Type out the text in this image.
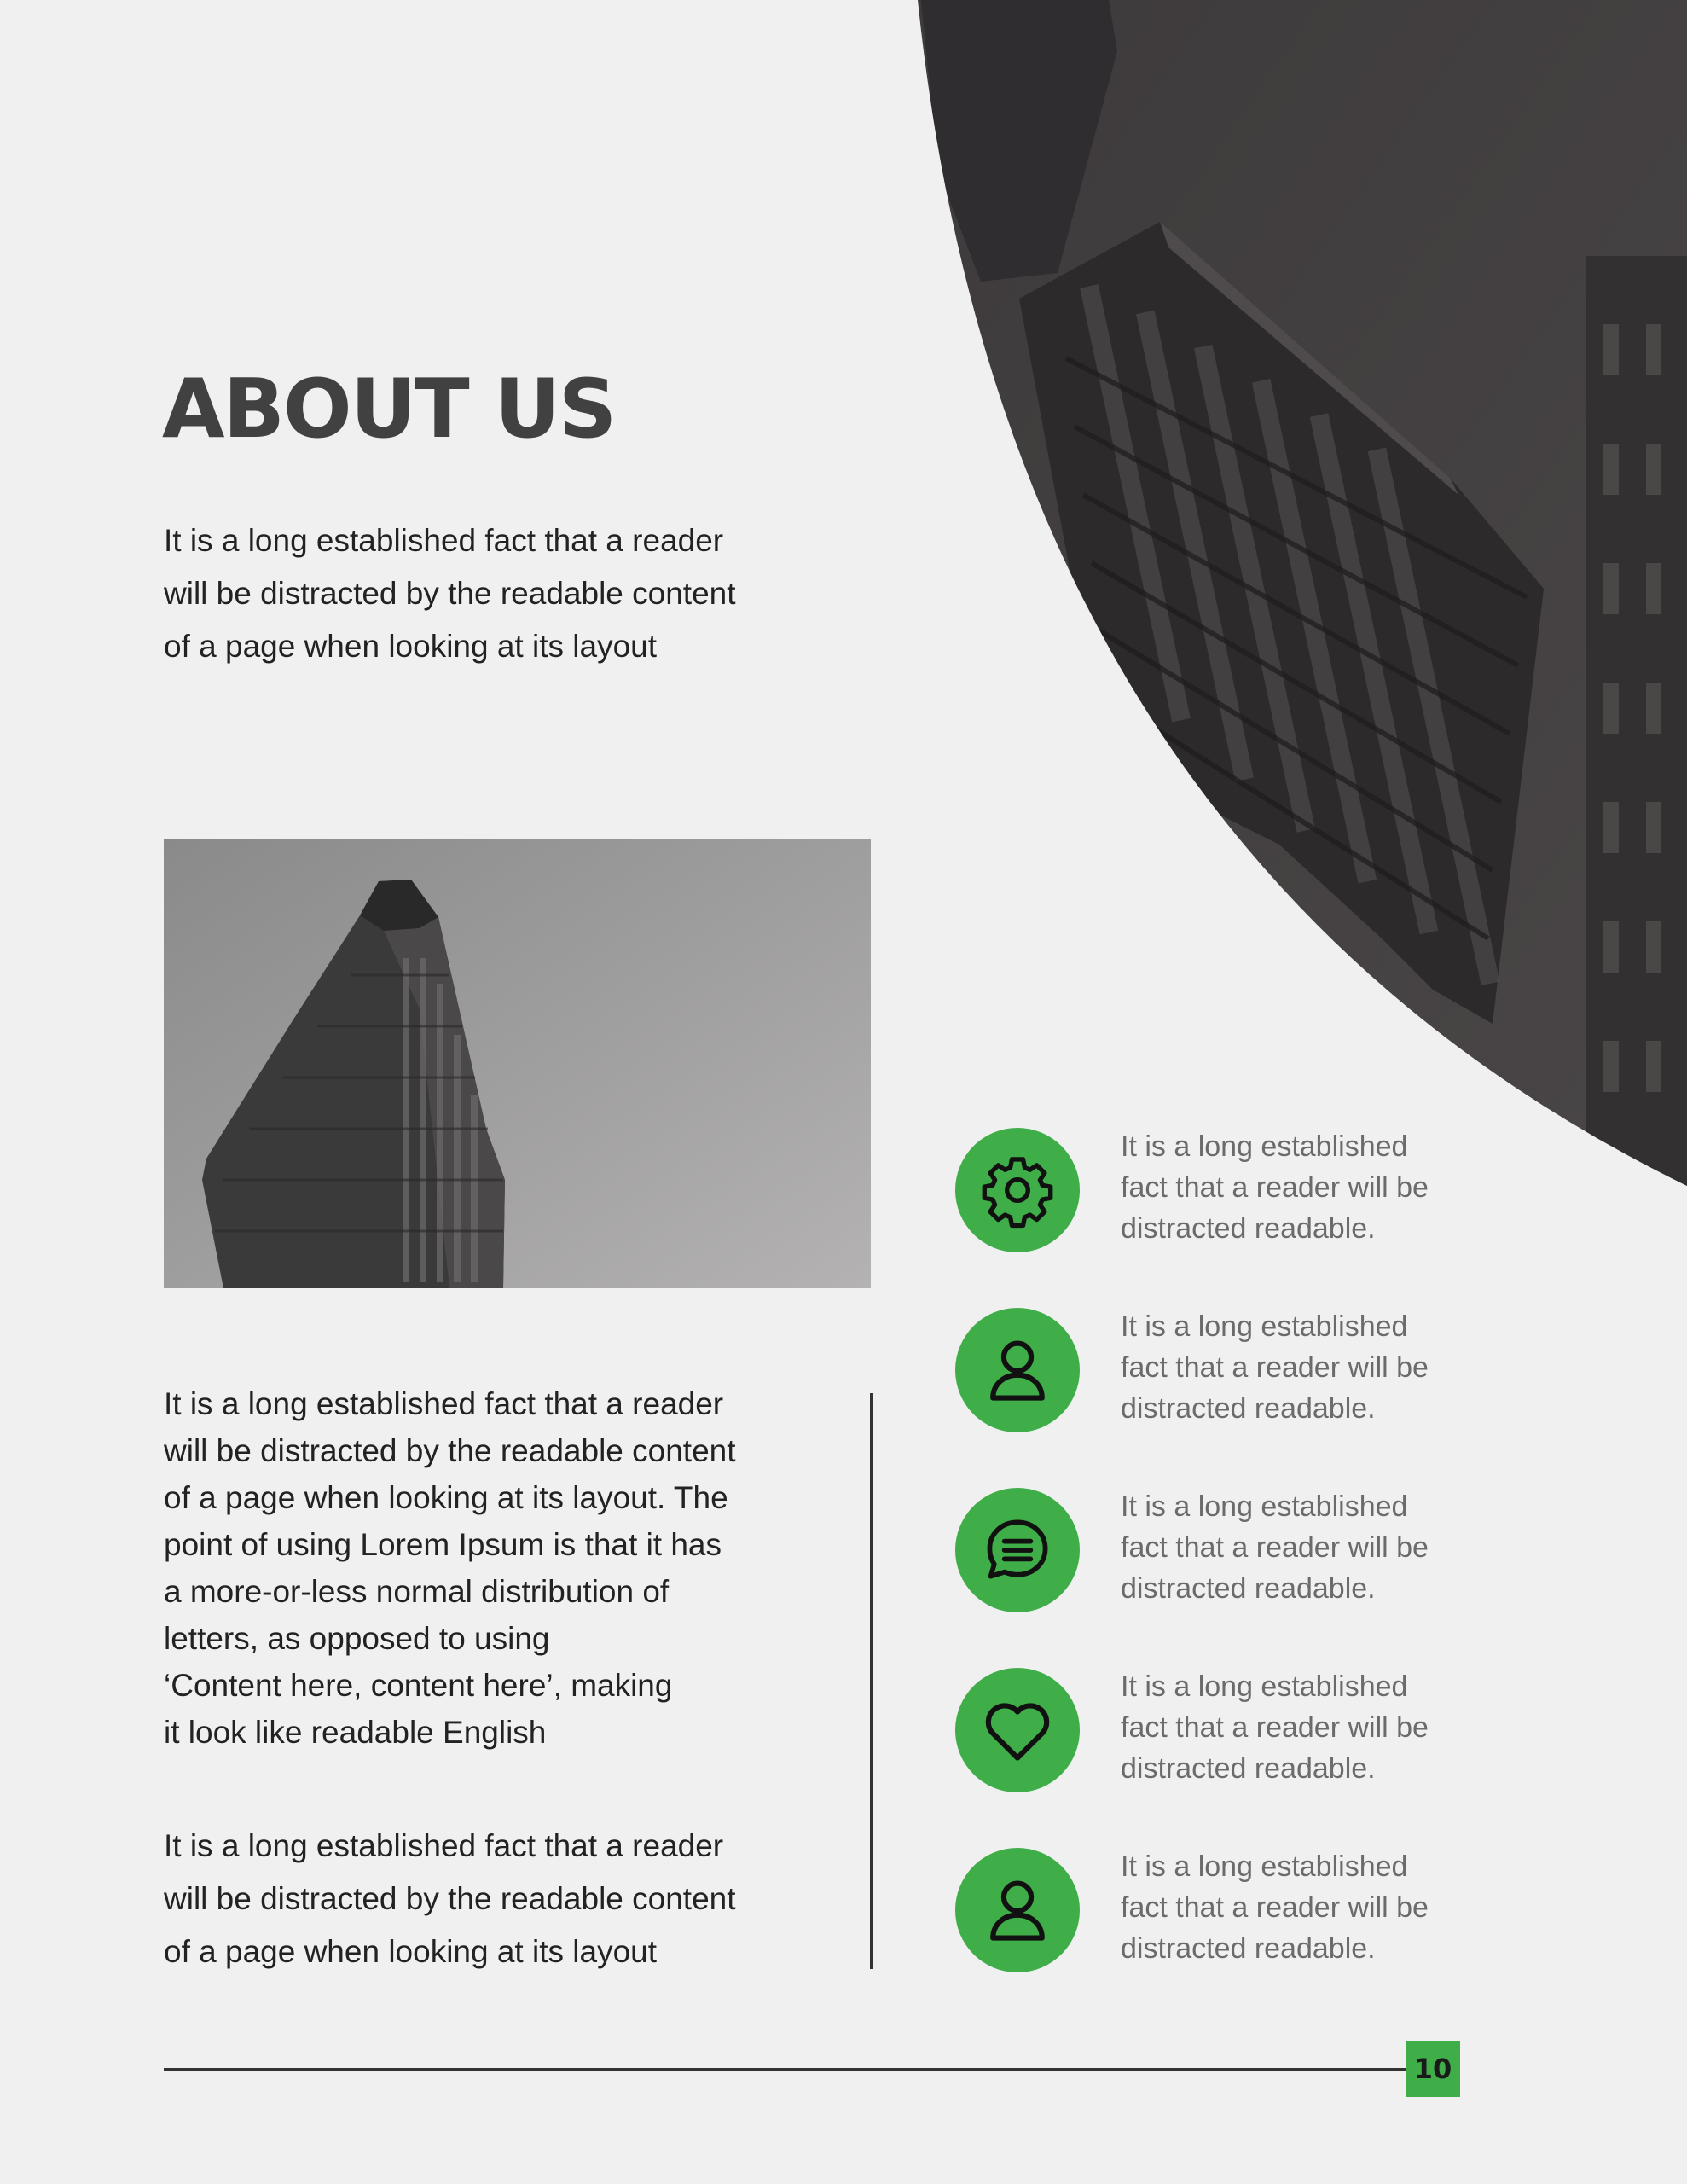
ABOUT US

It is a long established fact that a reader
will be distracted by the readable content
of a page when looking at its layout

It is a long established fact that a reader
will be distracted by the readable content
of a page when looking at its layout. The
point of using Lorem Ipsum is that it has
a more-or-less normal distribution of
letters, as opposed to using
‘Content here, content here’, making
it look like readable English

It is a long established fact that a reader
will be distracted by the readable content
of a page when looking at its layout

It is a long established
fact that a reader will be
distracted readable.
It is a long established
fact that a reader will be
distracted readable.
It is a long established
fact that a reader will be
distracted readable.
It is a long established
fact that a reader will be
distracted readable.
It is a long established
fact that a reader will be
distracted readable.
10
